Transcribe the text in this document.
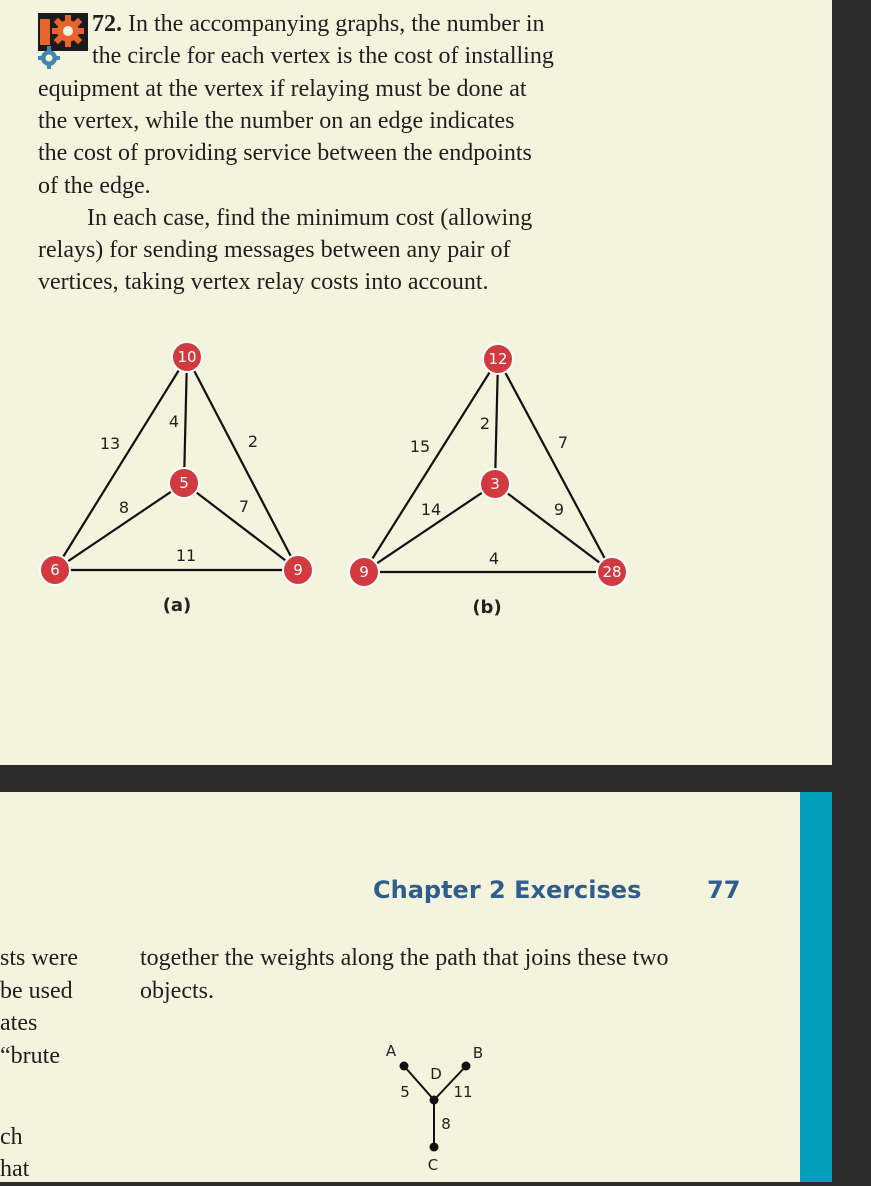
72. In the accompanying graphs, the number in
the circle for each vertex is the cost of installing
equipment at the vertex if relaying must be done at
the vertex, while the number on an edge indicates
the cost of providing service between the endpoints
of the edge.
In each case, find the minimum cost (allowing
relays) for sending messages between any pair of
vertices, taking vertex relay costs into account.
13
4
2
8	7
11
10
5
6	9
(a)
15
2
7
14	9
4
12
3
9	28
(b)
Chapter 2 Exercises	77
sts were
be used
ates
“brute
ch
hat
together the weights along the path that joins these two
objects.
A	B
D
C
5	11
8
